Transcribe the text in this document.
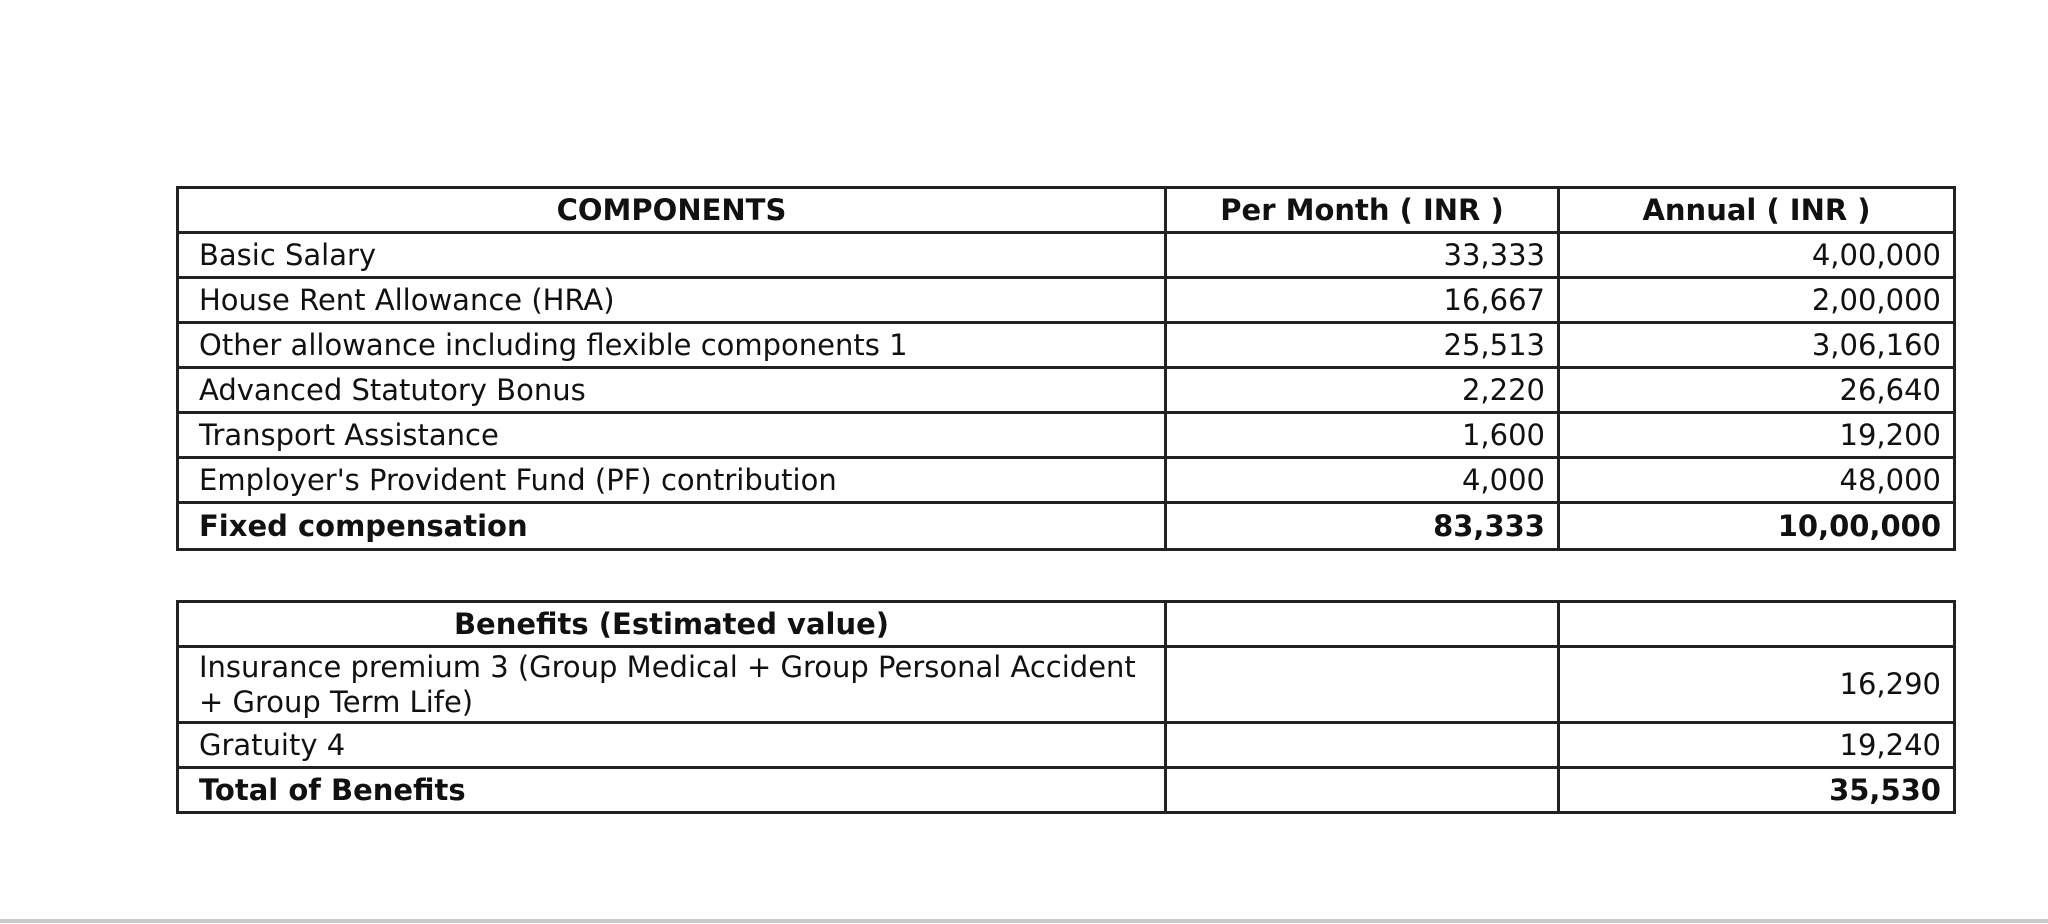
COMPONENTS	Per Month ( INR )	Annual ( INR )
Basic Salary	33,333	4,00,000
House Rent Allowance (HRA)	16,667	2,00,000
Other allowance including flexible components 1	25,513	3,06,160
Advanced Statutory Bonus	2,220	26,640
Transport Assistance	1,600	19,200
Employer's Provident Fund (PF) contribution	4,000	48,000
Fixed compensation	83,333	10,00,000
Benefits (Estimated value)		
Insurance premium 3 (Group Medical + Group Personal Accident + Group Term Life)		16,290
Gratuity 4		19,240
Total of Benefits		35,530
